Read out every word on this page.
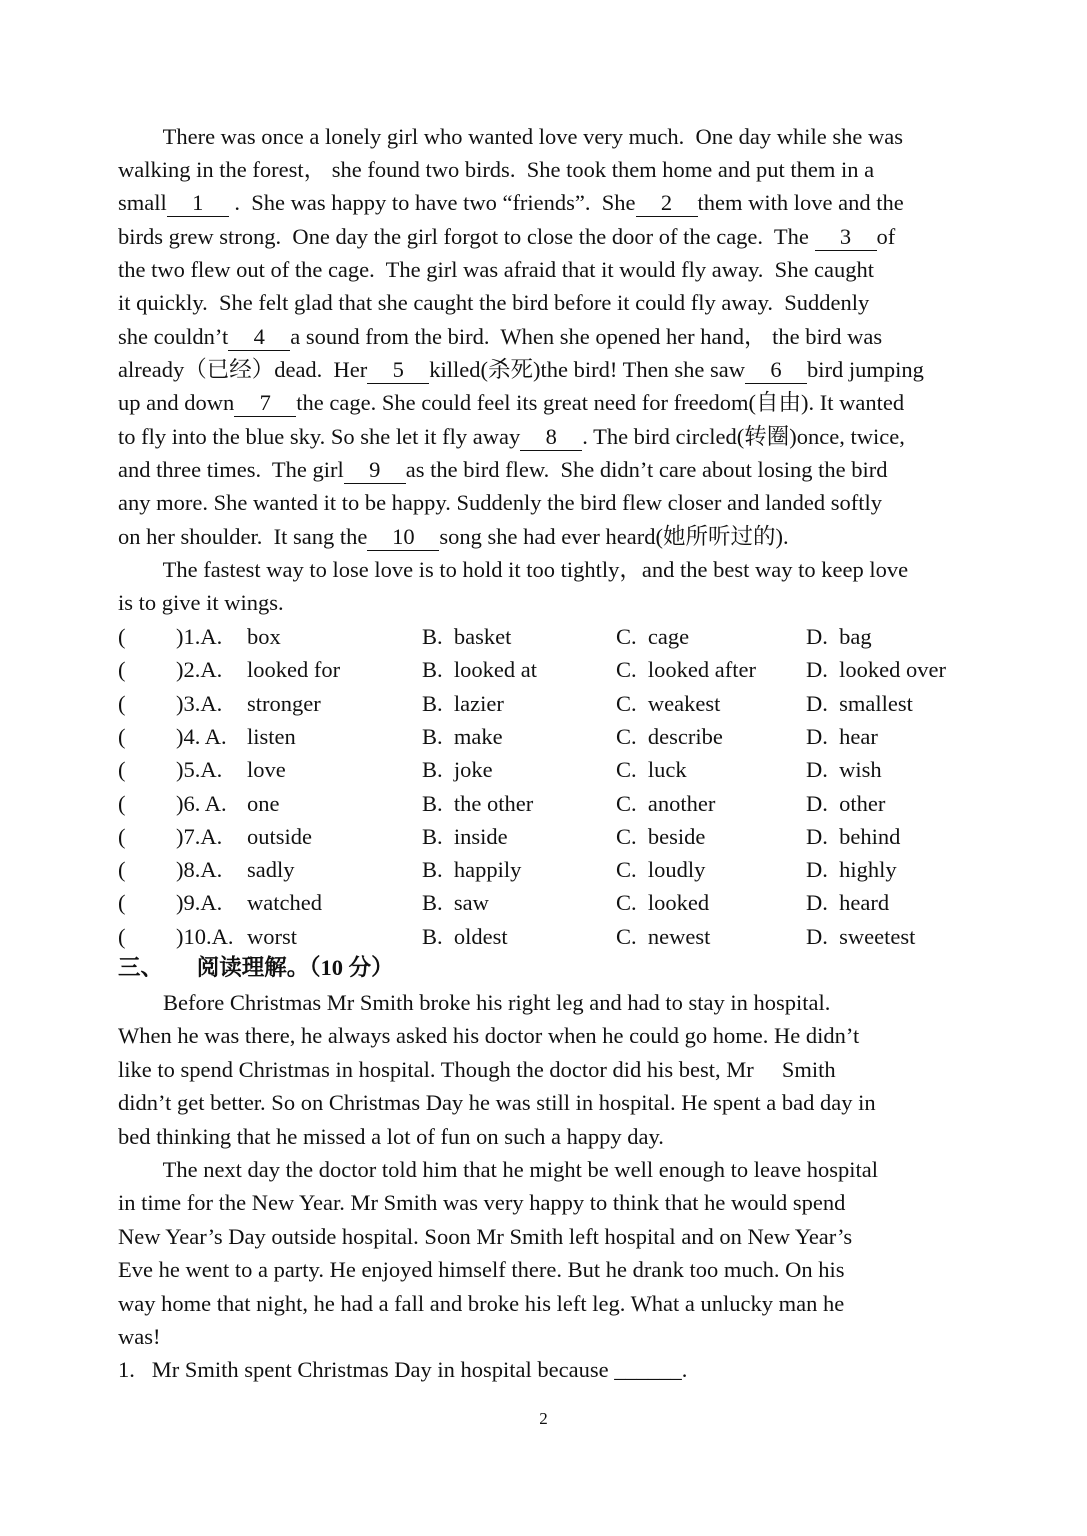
There was once a lonely girl who wanted love very much.  One day while she was
walking in the forest， she found two birds.  She took them home and put them in a
small 1 .  She was happy to have two “friends”.  She 2 them with love and the
birds grew strong.  One day the girl forgot to close the door of the cage.  The 3 of
the two flew out of the cage.  The girl was afraid that it would fly away.  She caught
it quickly.  She felt glad that she caught the bird before it could fly away.  Suddenly
she couldn’t 4 a sound from the bird.  When she opened her hand， the bird was
already（已经）dead.  Her 5 killed(杀死)the bird! Then she saw 6 bird jumping
up and down 7 the cage. She could feel its great need for freedom(自由). It wanted
to fly into the blue sky. So she let it fly away 8 . The bird circled(转圈)once, twice,
and three times.  The girl 9 as the bird flew.  She didn’t care about losing the bird
any more. She wanted it to be happy. Suddenly the bird flew closer and landed softly
on her shoulder.  It sang the 10 song she had ever heard(她所听过的).
The fastest way to lose love is to hold it too tightly，and the best way to keep love
is to give it wings.
( )1.A. box	B.  basket	C.  cage	D.  bag
( )2.A. looked for	B.  looked at	C.  looked after D.  looked over
( )3.A. stronger	B.  lazier	C.  weakest	D.  smallest
( )4. A. listen	B.  make	C.  describe	D.  hear
( )5.A. love	B.  joke	C.  luck	D.  wish
( )6. A. one	B.  the other	C.  another	D.  other
( )7.A. outside	B.  inside	C.  beside	D.  behind
( )8.A. sadly	B.  happily	C.  loudly	D.  highly
( )9.A. watched	B.  saw	C.  looked	D.  heard
( )10.A. worst	B.  oldest	C.  newest	D.  sweetest
三、      阅读理解。（10 分）
Before Christmas Mr Smith broke his right leg and had to stay in hospital.
When he was there, he always asked his doctor when he could go home. He didn’t
like to spend Christmas in hospital. Though the doctor did his best, Mr     Smith
didn’t get better. So on Christmas Day he was still in hospital. He spent a bad day in
bed thinking that he missed a lot of fun on such a happy day.
The next day the doctor told him that he might be well enough to leave hospital
in time for the New Year. Mr Smith was very happy to think that he would spend
New Year’s Day outside hospital. Soon Mr Smith left hospital and on New Year’s
Eve he went to a party. He enjoyed himself there. But he drank too much. On his
way home that night, he had a fall and broke his left leg. What a unlucky man he
was!
1.   Mr Smith spent Christmas Day in hospital because ______.
2
